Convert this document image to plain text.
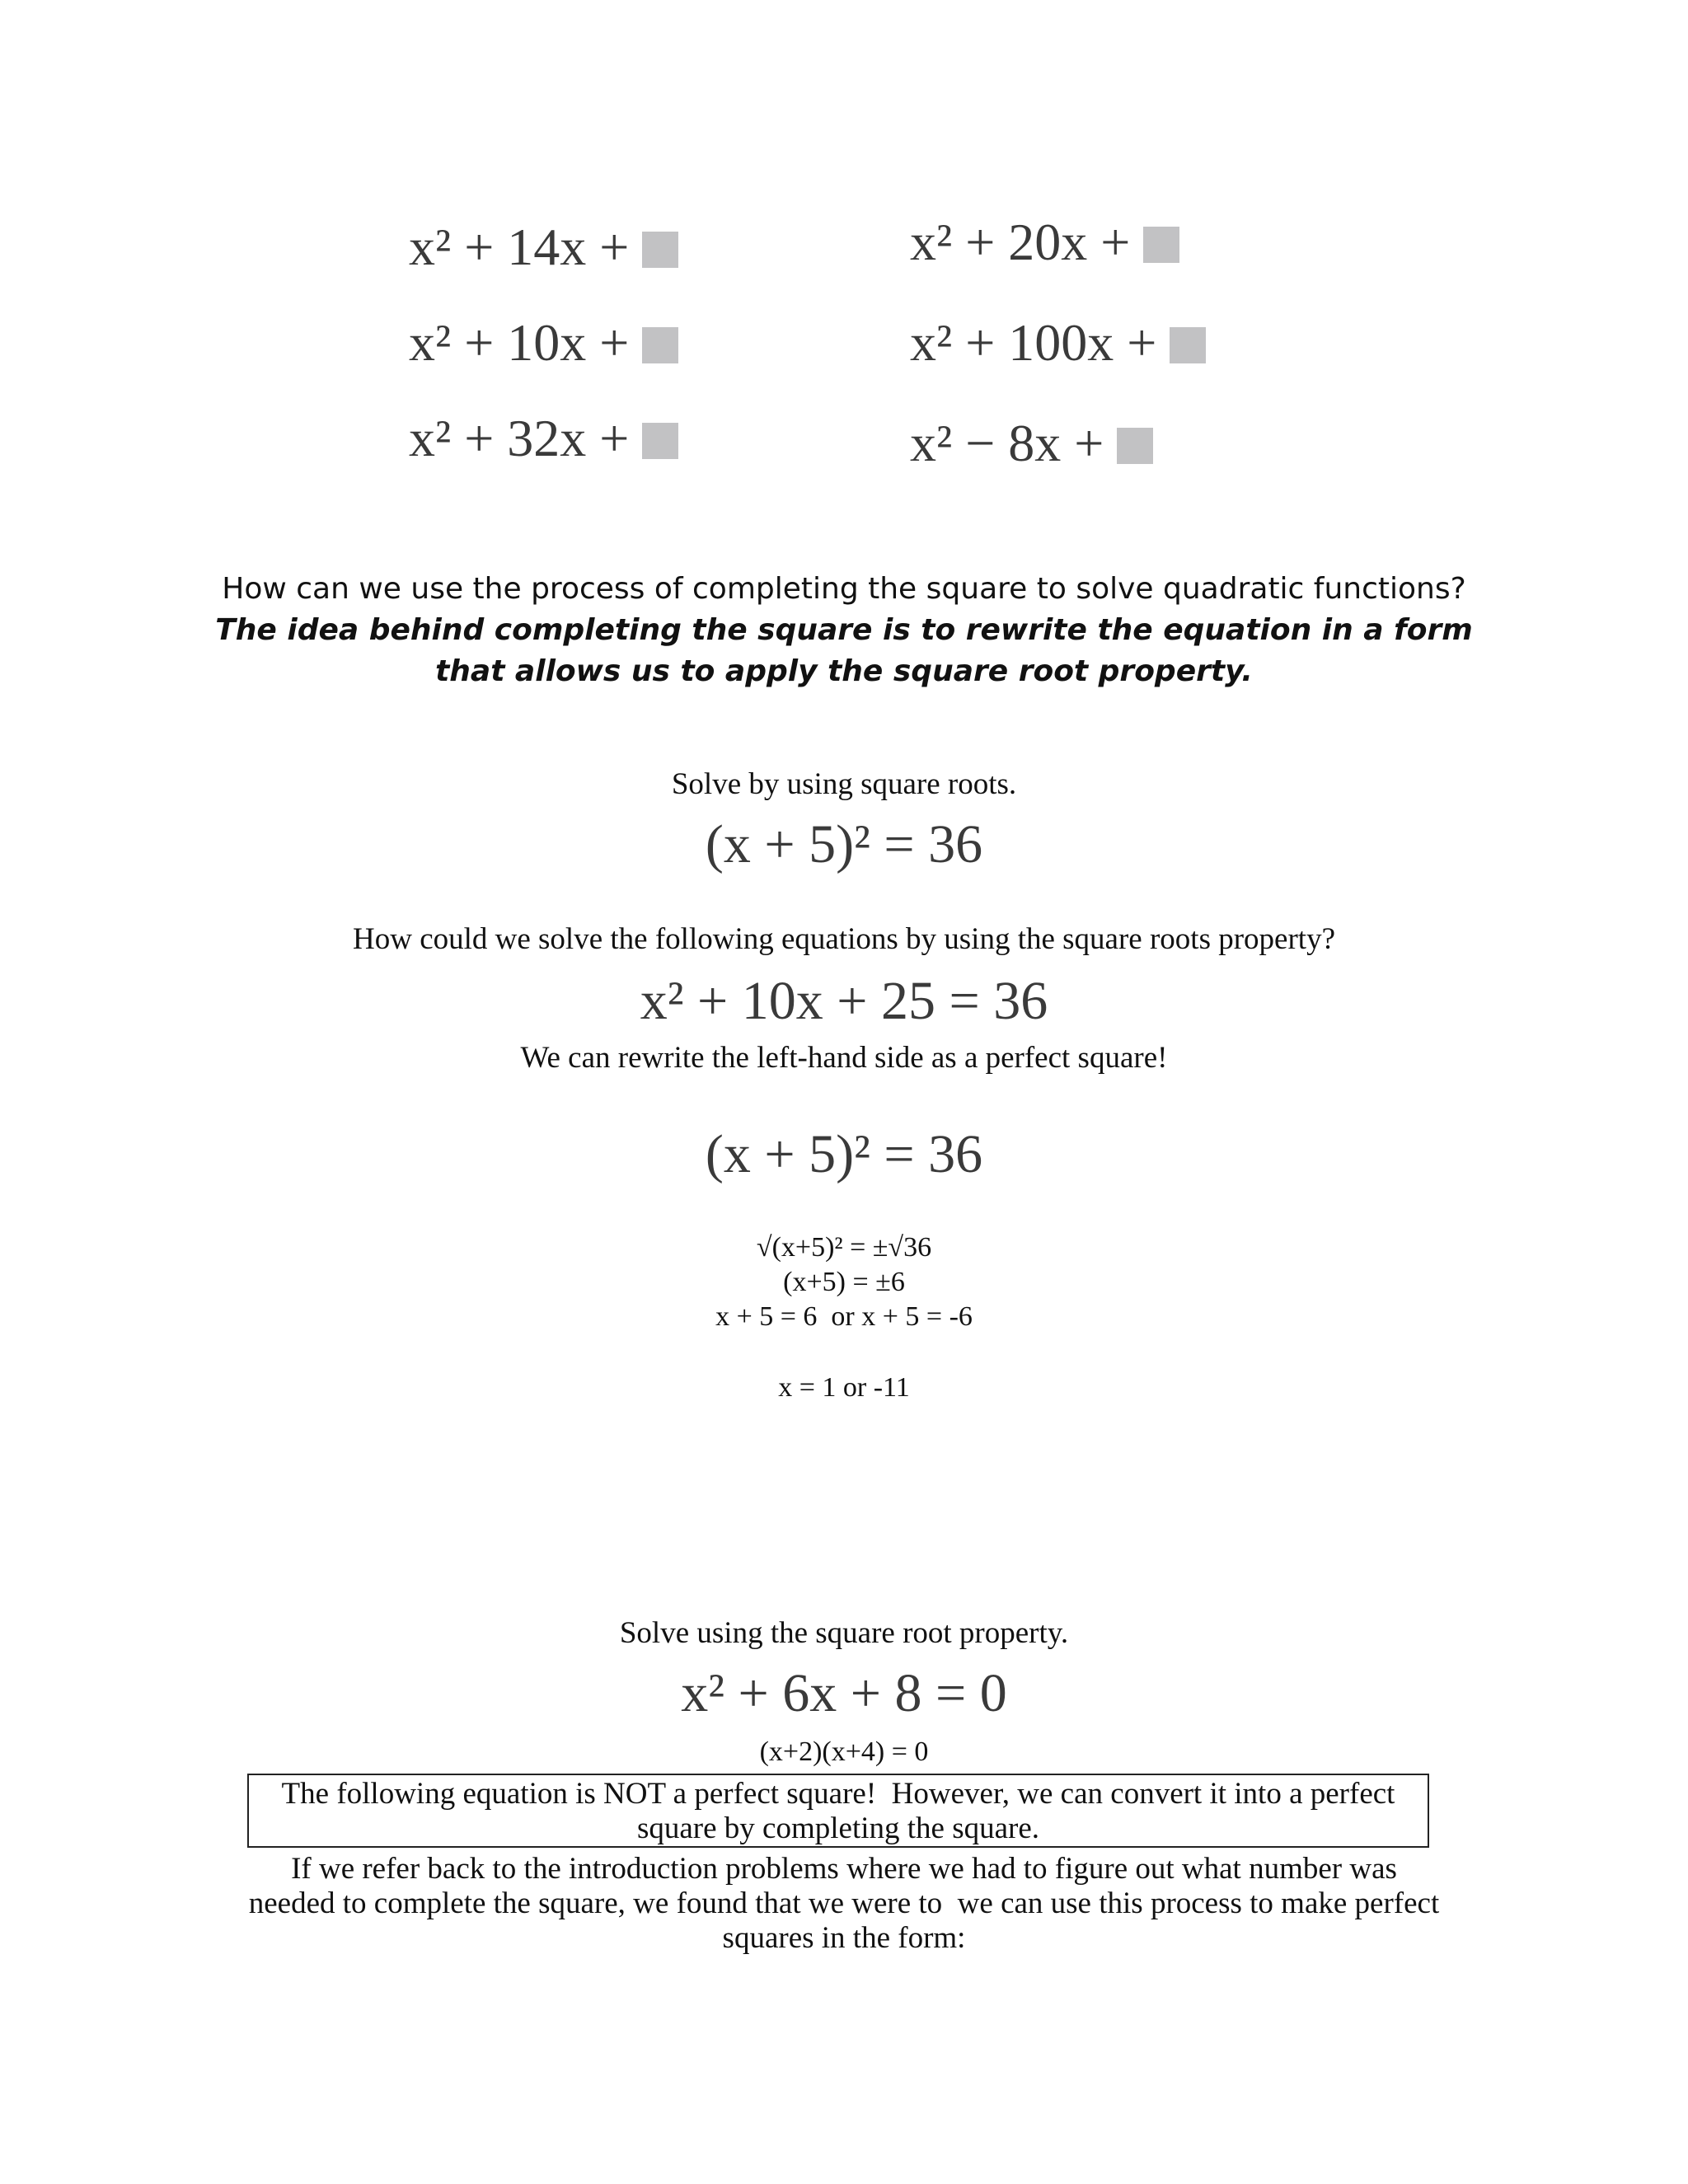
x² + 14x +
x² + 10x +
x² + 32x +
x² + 20x +
x² + 100x +
x² − 8x +
How can we use the process of completing the square to solve quadratic functions?
The idea behind completing the square is to rewrite the equation in a form
that allows us to apply the square root property.
Solve by using square roots.
(x + 5)² = 36
How could we solve the following equations by using the square roots property?
x² + 10x + 25 = 36
We can rewrite the left-hand side as a perfect square!
(x + 5)² = 36
√(x+5)² = ±√36
(x+5) = ±6
x + 5 = 6  or x + 5 = -6
x = 1 or -11
Solve using the square root property.
x² + 6x + 8 = 0
(x+2)(x+4) = 0
The following equation is NOT a perfect square!  However, we can convert it into a perfect
square by completing the square.
If we refer back to the introduction problems where we had to figure out what number was
needed to complete the square, we found that we were to  we can use this process to make perfect
squares in the form:
